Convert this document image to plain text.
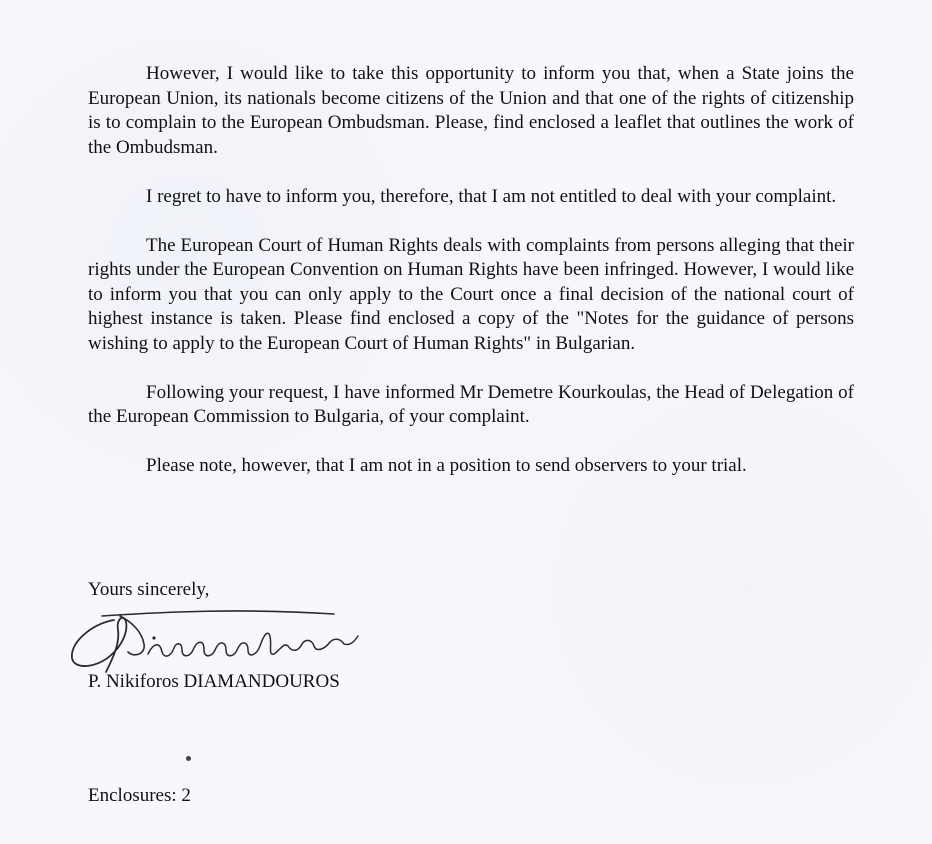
However, I would like to take this opportunity to inform you that, when a State joins the European Union, its nationals become citizens of the Union and that one of the rights of citizenship is to complain to the European Ombudsman. Please, find enclosed a leaflet that outlines the work of the Ombudsman.

I regret to have to inform you, therefore, that I am not entitled to deal with your complaint.

The European Court of Human Rights deals with complaints from persons alleging that their rights under the European Convention on Human Rights have been infringed. However, I would like to inform you that you can only apply to the Court once a final decision of the national court of highest instance is taken. Please find enclosed a copy of the "Notes for the guidance of persons wishing to apply to the European Court of Human Rights" in Bulgarian.

Following your request, I have informed Mr Demetre Kourkoulas, the Head of Delegation of the European Commission to Bulgaria, of your complaint.

Please note, however, that I am not in a position to send observers to your trial.

Yours sincerely,
P. Nikiforos DIAMANDOUROS
Enclosures: 2
